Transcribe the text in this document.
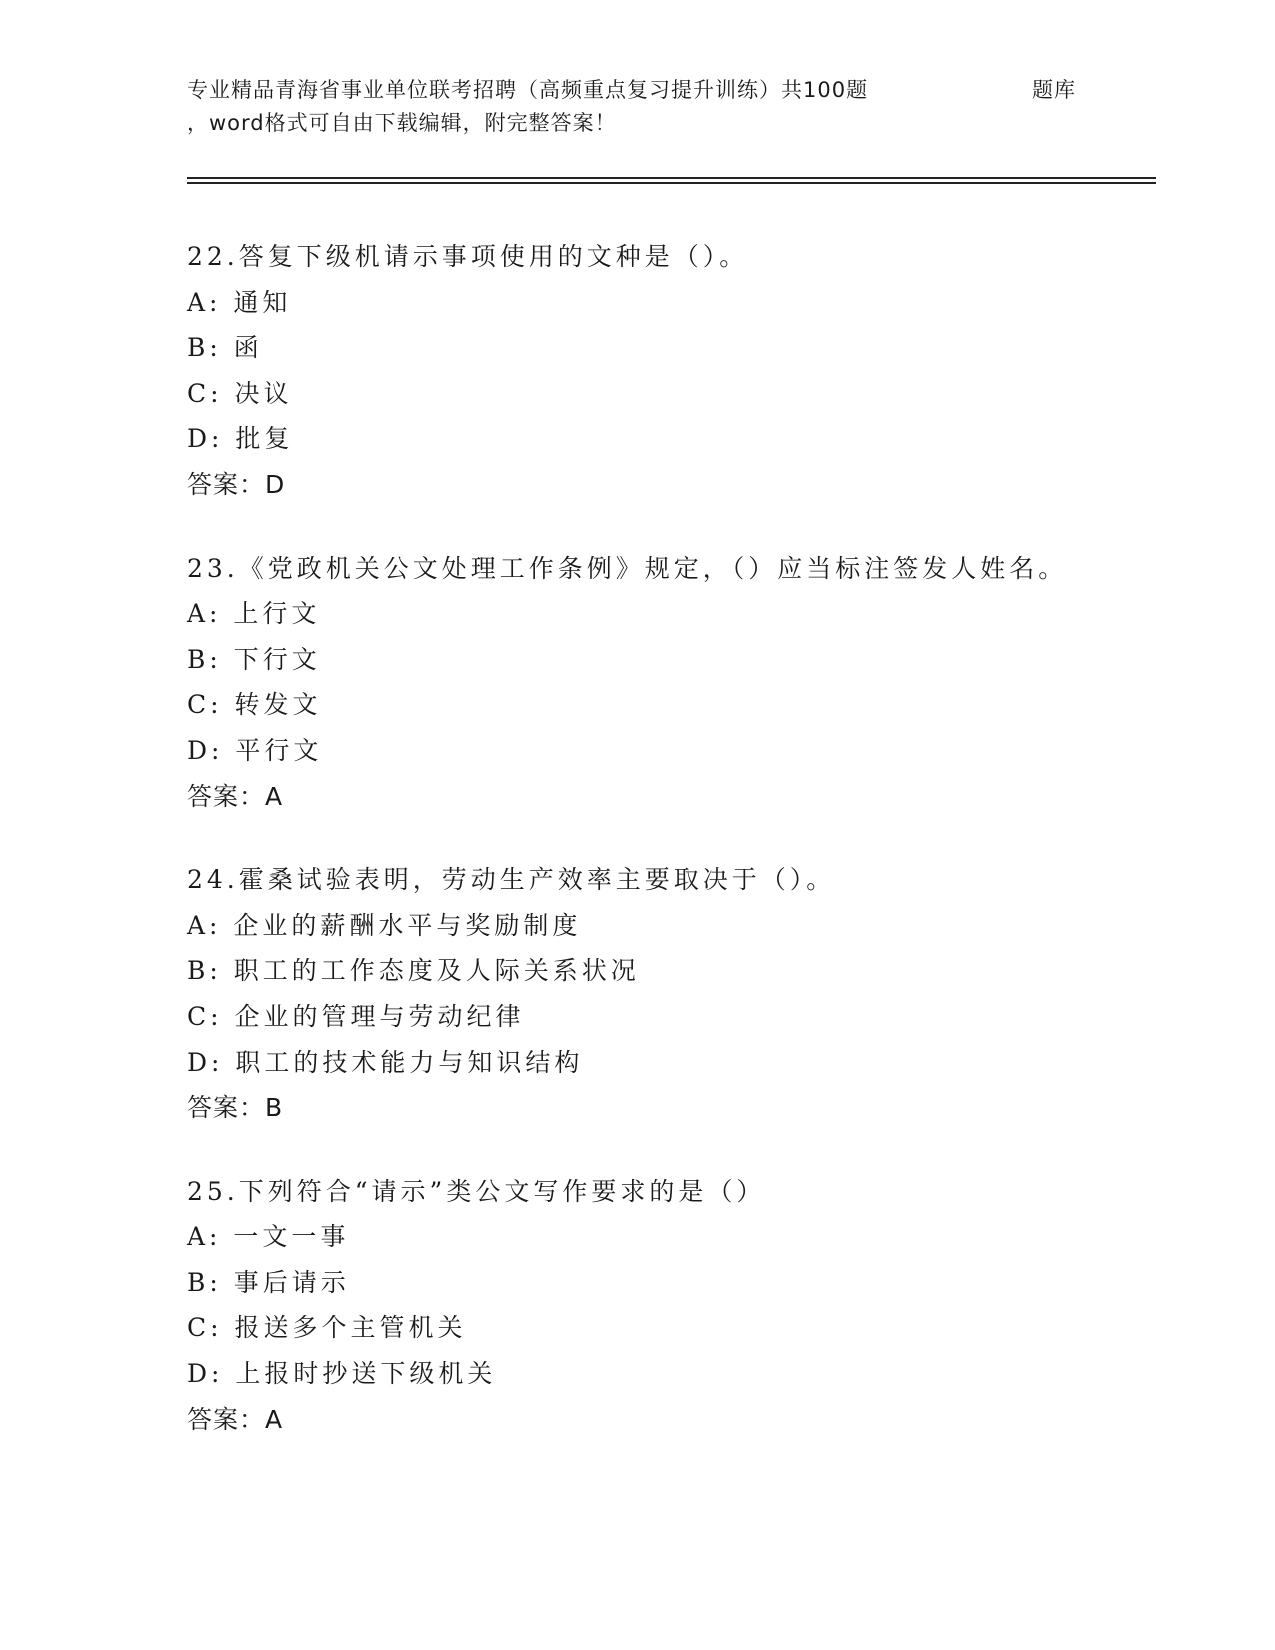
专业精品青海省事业单位联考招聘（高频重点复习提升训练）共100题	题库
，word格式可自由下载编辑，附完整答案！
22.答复下级机请示事项使用的文种是（）。
A: 通知
B: 函
C: 决议
D: 批复
答案：D
23.《党政机关公文处理工作条例》规定，（）应当标注签发人姓名。
A: 上行文
B: 下行文
C: 转发文
D: 平行文
答案：A
24.霍桑试验表明，劳动生产效率主要取决于（）。
A: 企业的薪酬水平与奖励制度
B: 职工的工作态度及人际关系状况
C: 企业的管理与劳动纪律
D: 职工的技术能力与知识结构
答案：B
25.下列符合“请示”类公文写作要求的是（）
A: 一文一事
B: 事后请示
C: 报送多个主管机关
D: 上报时抄送下级机关
答案：A
